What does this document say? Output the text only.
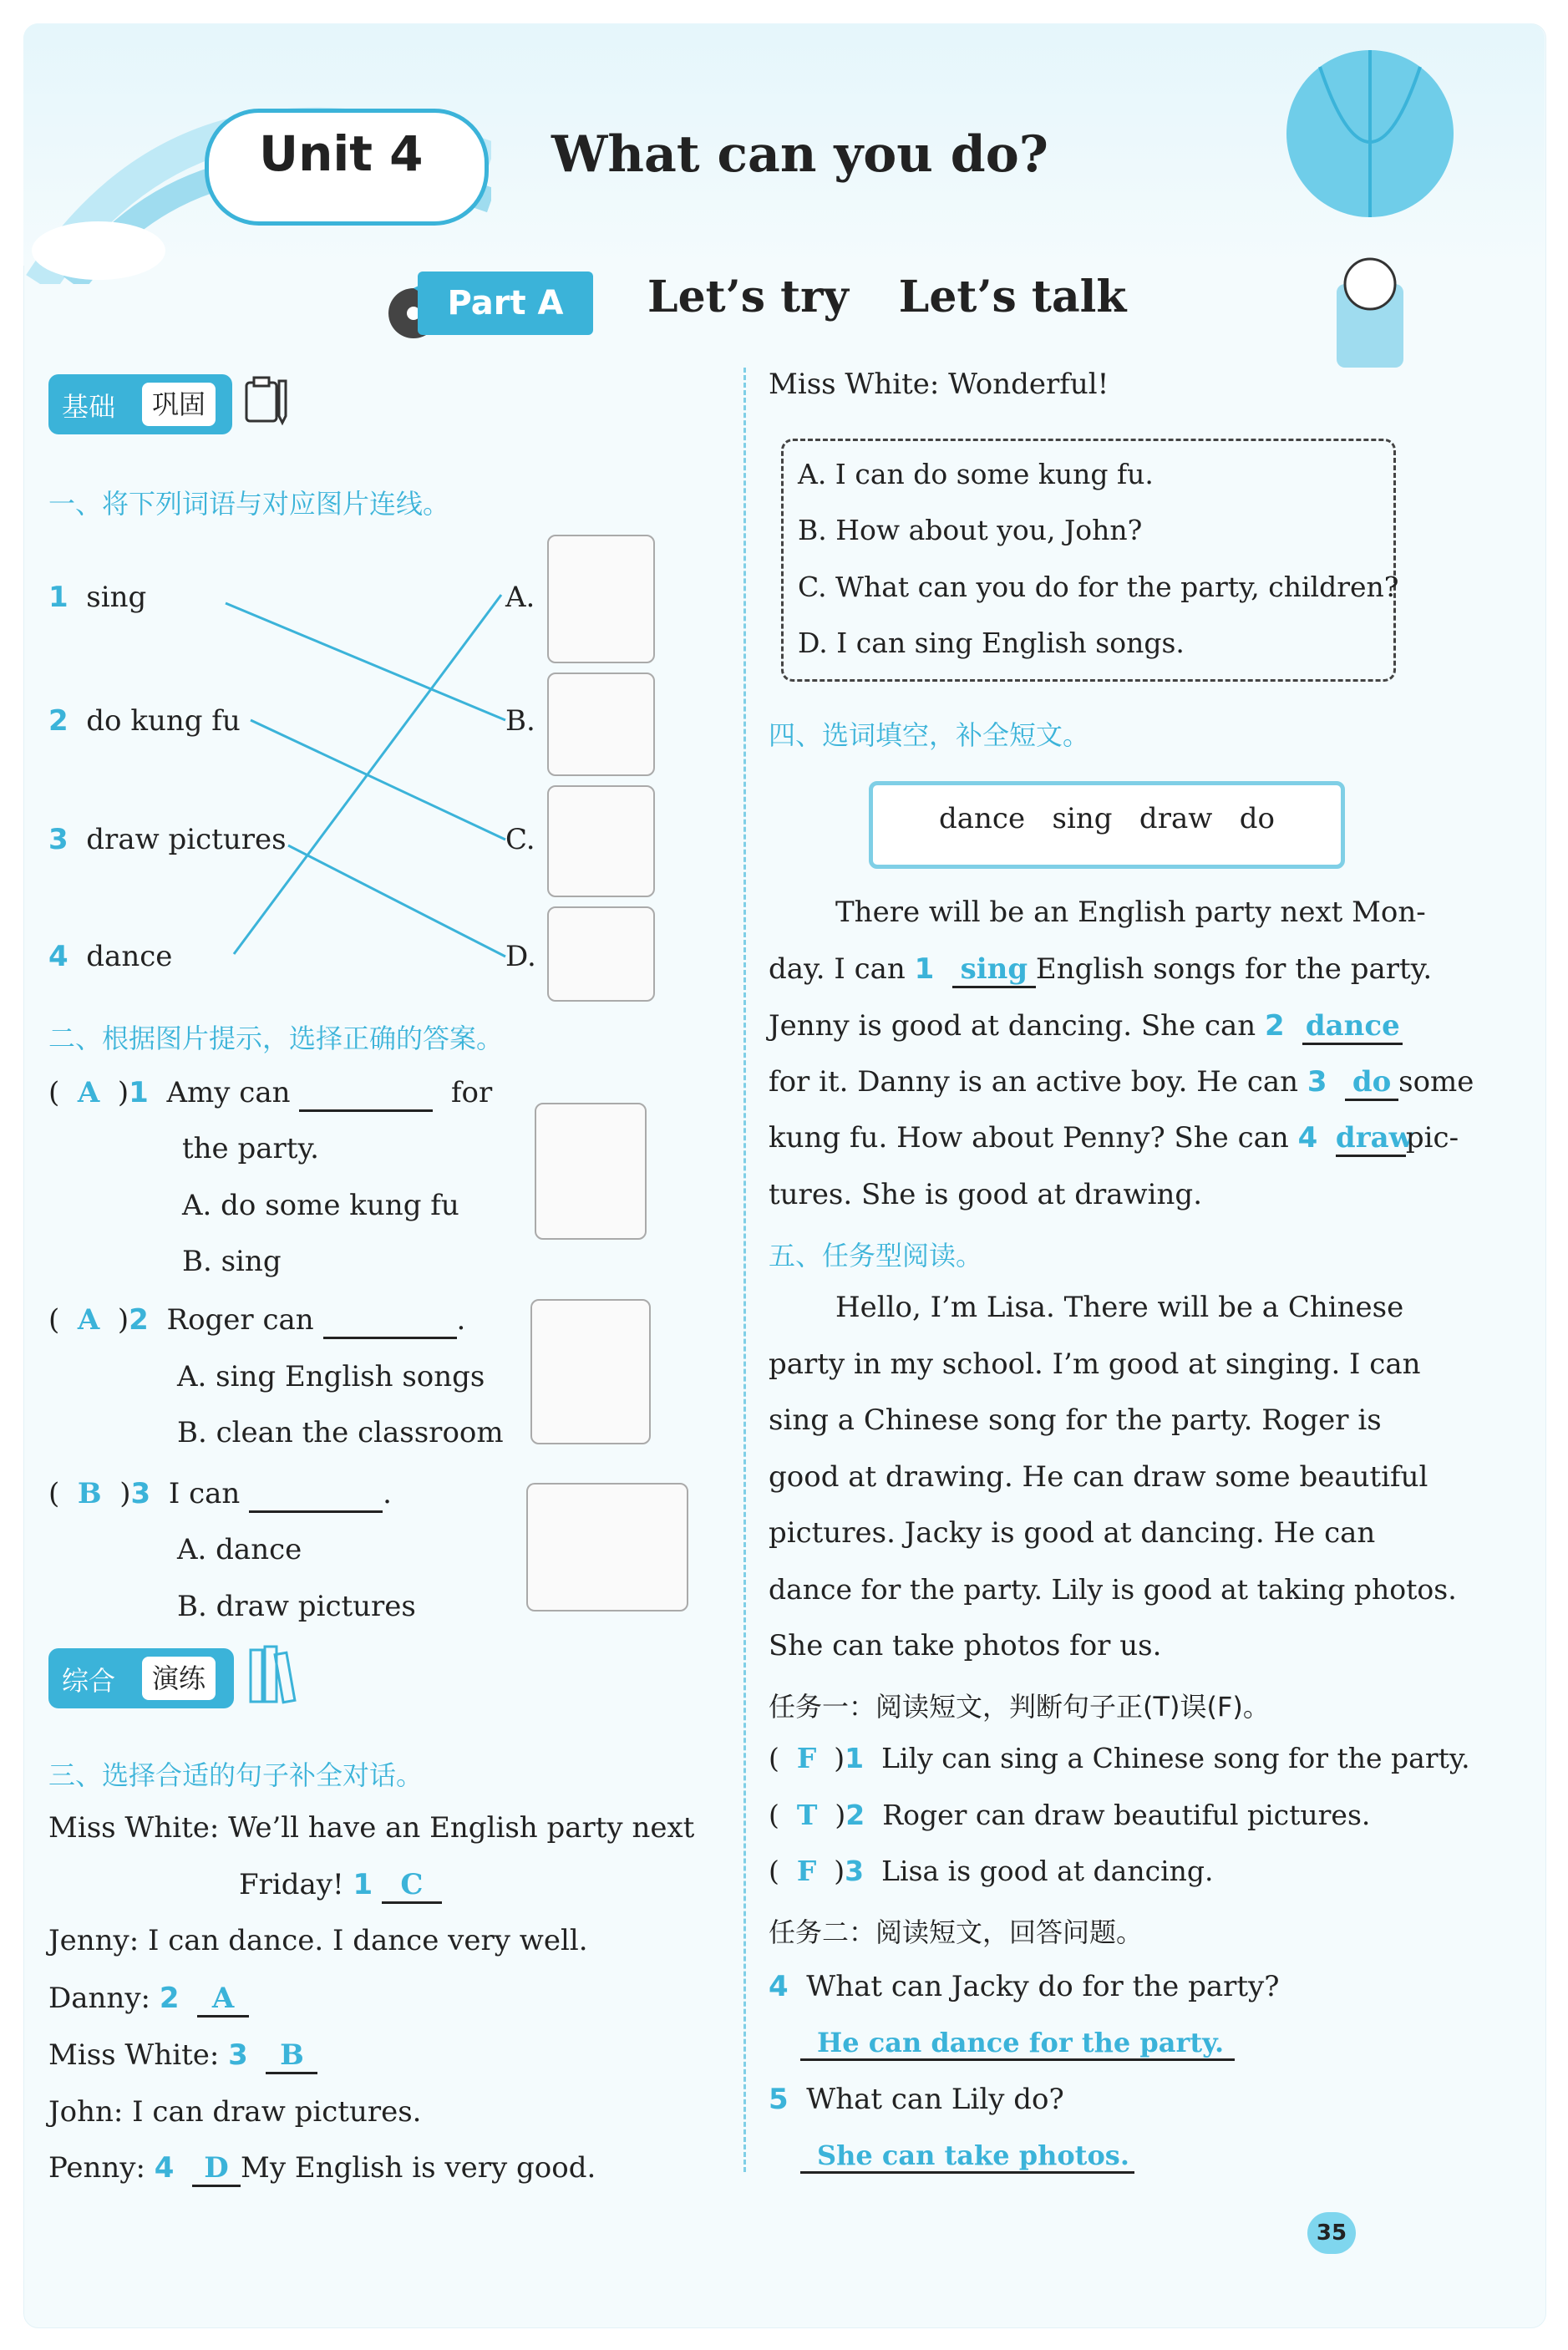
Unit 4	What can you do?
Part A	Let’s try Let’s talk
基础	巩固
一、将下列词语与对应图片连线。
1 sing
2 do kung fu
3 draw pictures
4 dance
A.
B.
C.
D.
二、根据图片提示，选择正确的答案。
(  A  )1 Amy can	for
the party.
A. do some kung fu
B. sing
(  A  )2 Roger can	.
A. sing English songs
B. clean the classroom
(  B  )3 I can	.
A. dance
B. draw pictures
综合	演练
三、选择合适的句子补全对话。
Miss White: We’ll have an English party next
Friday! 1 C
Jenny: I can dance. I dance very well.
Danny: 2 A
Miss White: 3 B
John: I can draw pictures.
Penny: 4 D My English is very good.
Miss White: Wonderful!
A. I can do some kung fu.
B. How about you, John?
C. What can you do for the party, children?
D. I can sing English songs.
四、选词填空，补全短文。
dance   sing   draw   do
There will be an English party next Mon-
day. I can 1 sing English songs for the party.
Jenny is good at dancing. She can 2 dance
for it. Danny is an active boy. He can 3 do some
kung fu. How about Penny? She can 4 drawpic-
tures. She is good at drawing.
五、任务型阅读。
Hello, I’m Lisa. There will be a Chinese
party in my school. I’m good at singing. I can
sing a Chinese song for the party. Roger is
good at drawing. He can draw some beautiful
pictures. Jacky is good at dancing. He can
dance for the party. Lily is good at taking photos.
She can take photos for us.
任务一：阅读短文，判断句子正(T)误(F)。
(  F  )1 Lily can sing a Chinese song for the party.
(  T  )2 Roger can draw beautiful pictures.
(  F  )3 Lisa is good at dancing.
任务二：阅读短文，回答问题。
4 What can Jacky do for the party?
He can dance for the party.
5 What can Lily do?
She can take photos.
35
